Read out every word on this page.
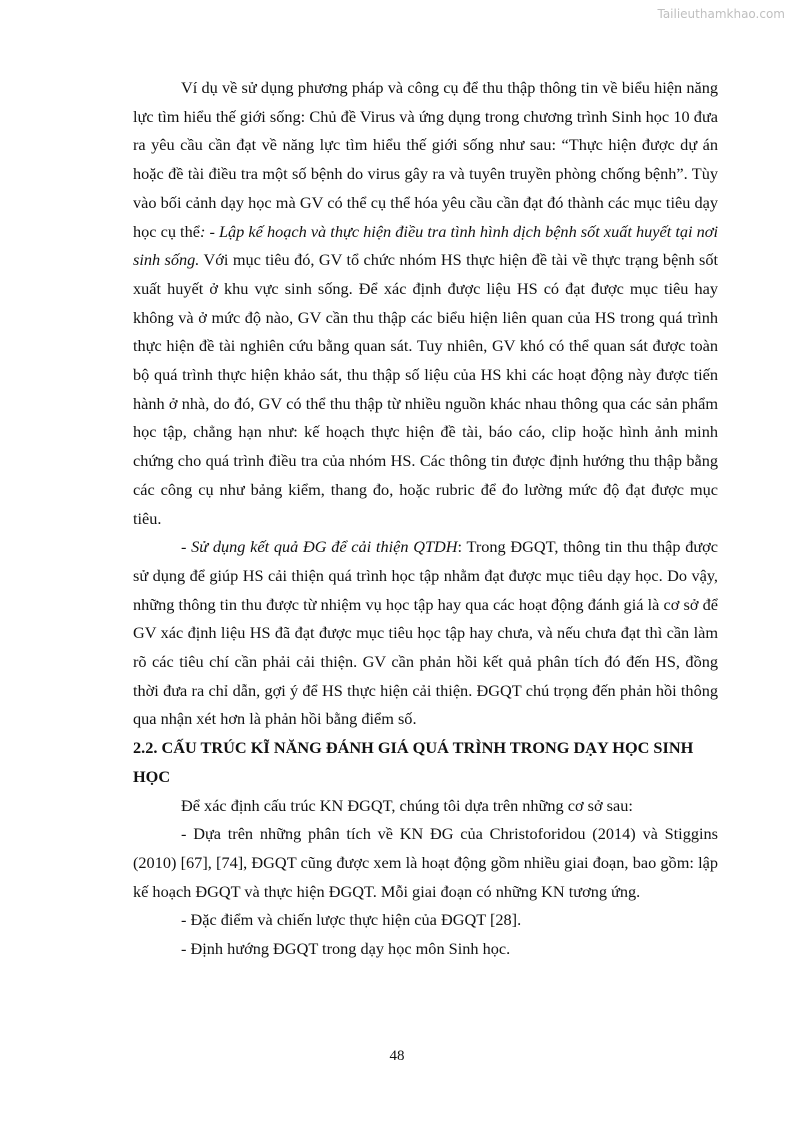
Tailieuthamkhao.com

Ví dụ về sử dụng phương pháp và công cụ để thu thập thông tin về biểu hiện năng lực tìm hiểu thế giới sống: Chủ đề Virus và ứng dụng trong chương trình Sinh học 10 đưa ra yêu cầu cần đạt về năng lực tìm hiểu thế giới sống như sau: “Thực hiện được dự án hoặc đề tài điều tra một số bệnh do virus gây ra và tuyên truyền phòng chống bệnh”. Tùy vào bối cảnh dạy học mà GV có thể cụ thể hóa yêu cầu cần đạt đó thành các mục tiêu dạy học cụ thể: - Lập kế hoạch và thực hiện điều tra tình hình dịch bệnh sốt xuất huyết tại nơi sinh sống. Với mục tiêu đó, GV tổ chức nhóm HS thực hiện đề tài về thực trạng bệnh sốt xuất huyết ở khu vực sinh sống. Để xác định được liệu HS có đạt được mục tiêu hay không và ở mức độ nào, GV cần thu thập các biểu hiện liên quan của HS trong quá trình thực hiện đề tài nghiên cứu bằng quan sát. Tuy nhiên, GV khó có thể quan sát được toàn bộ quá trình thực hiện khảo sát, thu thập số liệu của HS khi các hoạt động này được tiến hành ở nhà, do đó, GV có thể thu thập từ nhiều nguồn khác nhau thông qua các sản phẩm học tập, chẳng hạn như: kế hoạch thực hiện đề tài, báo cáo, clip hoặc hình ảnh minh chứng cho quá trình điều tra của nhóm HS. Các thông tin được định hướng thu thập bằng các công cụ như bảng kiểm, thang đo, hoặc rubric để đo lường mức độ đạt được mục tiêu.

- Sử dụng kết quả ĐG để cải thiện QTDH: Trong ĐGQT, thông tin thu thập được sử dụng để giúp HS cải thiện quá trình học tập nhằm đạt được mục tiêu dạy học. Do vậy, những thông tin thu được từ nhiệm vụ học tập hay qua các hoạt động đánh giá là cơ sở để GV xác định liệu HS đã đạt được mục tiêu học tập hay chưa, và nếu chưa đạt thì cần làm rõ các tiêu chí cần phải cải thiện. GV cần phản hồi kết quả phân tích đó đến HS, đồng thời đưa ra chỉ dẫn, gợi ý để HS thực hiện cải thiện. ĐGQT chú trọng đến phản hồi thông qua nhận xét hơn là phản hồi bằng điểm số.

2.2. CẤU TRÚC KĨ NĂNG ĐÁNH GIÁ QUÁ TRÌNH TRONG DẠY HỌC SINH HỌC

Để xác định cấu trúc KN ĐGQT, chúng tôi dựa trên những cơ sở sau:

- Dựa trên những phân tích về KN ĐG của Christoforidou (2014) và Stiggins (2010) [67], [74], ĐGQT cũng được xem là hoạt động gồm nhiều giai đoạn, bao gồm: lập kế hoạch ĐGQT và thực hiện ĐGQT. Mỗi giai đoạn có những KN tương ứng.

- Đặc điểm và chiến lược thực hiện của ĐGQT [28].

- Định hướng ĐGQT trong dạy học môn Sinh học.

48
